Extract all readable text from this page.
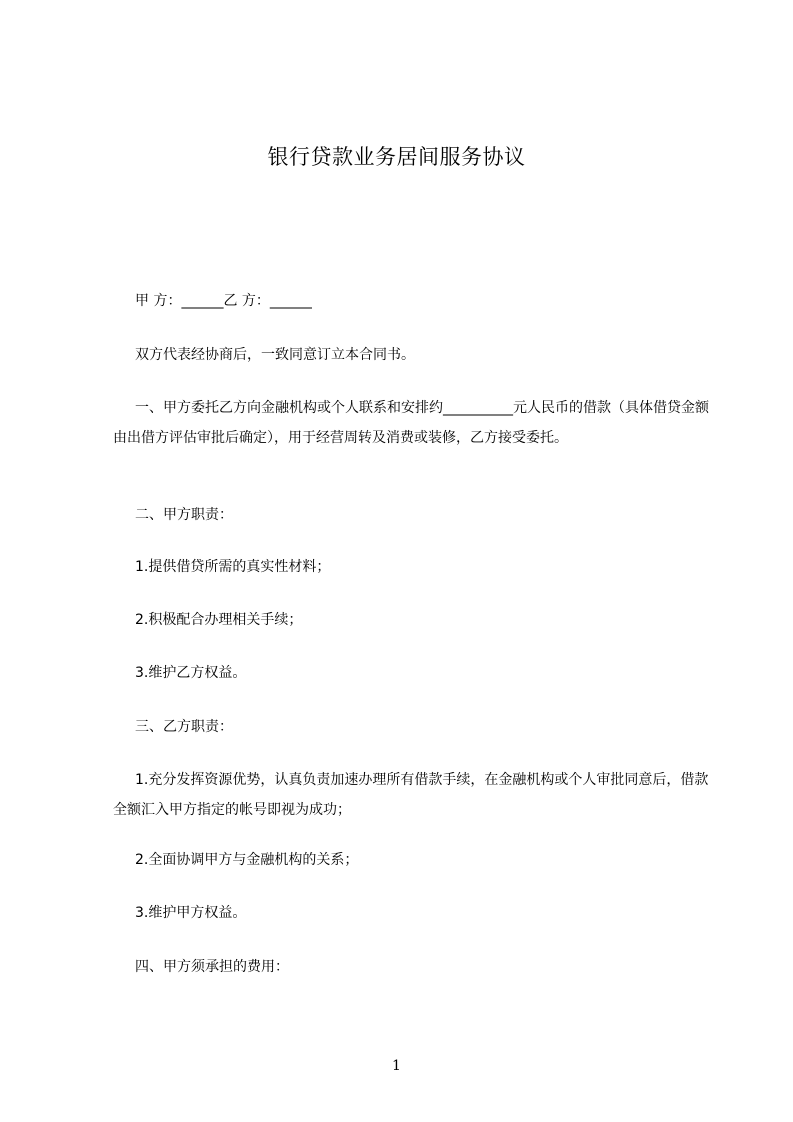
银行贷款业务居间服务协议

甲 方：______乙 方：______

双方代表经协商后，一致同意订立本合同书。

一、甲方委托乙方向金融机构或个人联系和安排约__________元人民币的借款（具体借贷金额由出借方评估审批后确定），用于经营周转及消费或装修，乙方接受委托。

二、甲方职责：

1.提供借贷所需的真实性材料；

2.积极配合办理相关手续；

3.维护乙方权益。

三、乙方职责：

1.充分发挥资源优势，认真负责加速办理所有借款手续，在金融机构或个人审批同意后，借款全额汇入甲方指定的帐号即视为成功；

2.全面协调甲方与金融机构的关系；

3.维护甲方权益。

四、甲方须承担的费用：

1
